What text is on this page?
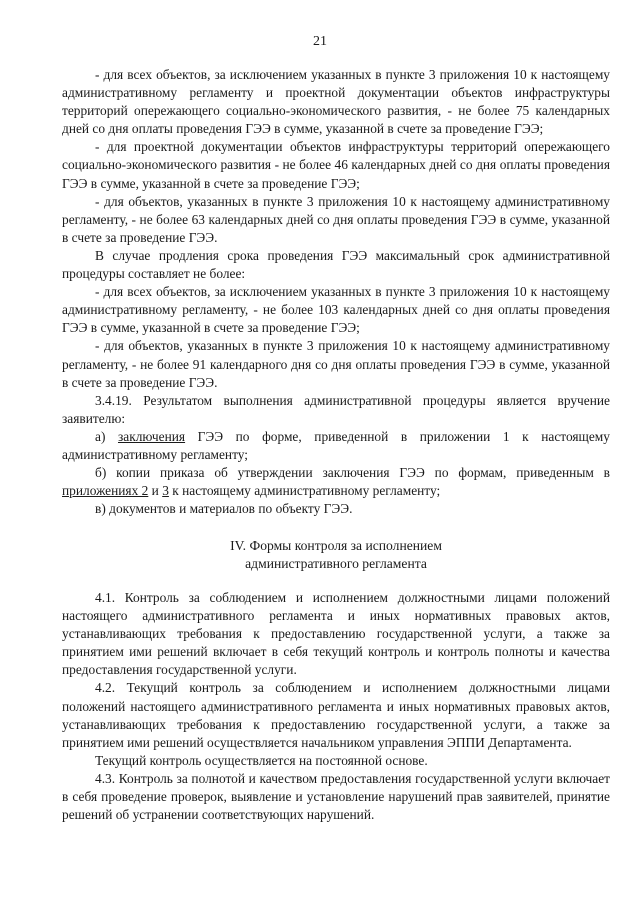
21

- для всех объектов, за исключением указанных в пункте 3 приложения 10 к настоящему административному регламенту и проектной документации объектов инфраструктуры территорий опережающего социально-экономического развития, - не более 75 календарных дней со дня оплаты проведения ГЭЭ в сумме, указанной в счете за проведение ГЭЭ;

- для проектной документации объектов инфраструктуры территорий опережающего социально-экономического развития - не более 46 календарных дней со дня оплаты проведения ГЭЭ в сумме, указанной в счете за проведение ГЭЭ;

- для объектов, указанных в пункте 3 приложения 10 к настоящему административному регламенту, - не более 63 календарных дней со дня оплаты проведения ГЭЭ в сумме, указанной в счете за проведение ГЭЭ.

В случае продления срока проведения ГЭЭ максимальный срок административной процедуры составляет не более:

- для всех объектов, за исключением указанных в пункте 3 приложения 10 к настоящему административному регламенту, - не более 103 календарных дней со дня оплаты проведения ГЭЭ в сумме, указанной в счете за проведение ГЭЭ;

- для объектов, указанных в пункте 3 приложения 10 к настоящему административному регламенту, - не более 91 календарного дня со дня оплаты проведения ГЭЭ в сумме, указанной в счете за проведение ГЭЭ.

3.4.19. Результатом выполнения административной процедуры является вручение заявителю:

а) заключения ГЭЭ по форме, приведенной в приложении 1 к настоящему административному регламенту;

б) копии приказа об утверждении заключения ГЭЭ по формам, приведенным в приложениях 2 и 3 к настоящему административному регламенту;

в) документов и материалов по объекту ГЭЭ.

IV. Формы контроля за исполнением
административного регламента

4.1. Контроль за соблюдением и исполнением должностными лицами положений настоящего административного регламента и иных нормативных правовых актов, устанавливающих требования к предоставлению государственной услуги, а также за принятием ими решений включает в себя текущий контроль и контроль полноты и качества предоставления государственной услуги.

4.2. Текущий контроль за соблюдением и исполнением должностными лицами положений настоящего административного регламента и иных нормативных правовых актов, устанавливающих требования к предоставлению государственной услуги, а также за принятием ими решений осуществляется начальником управления ЭППИ Департамента.

Текущий контроль осуществляется на постоянной основе.

4.3. Контроль за полнотой и качеством предоставления государственной услуги включает в себя проведение проверок, выявление и установление нарушений прав заявителей, принятие решений об устранении соответствующих нарушений.
